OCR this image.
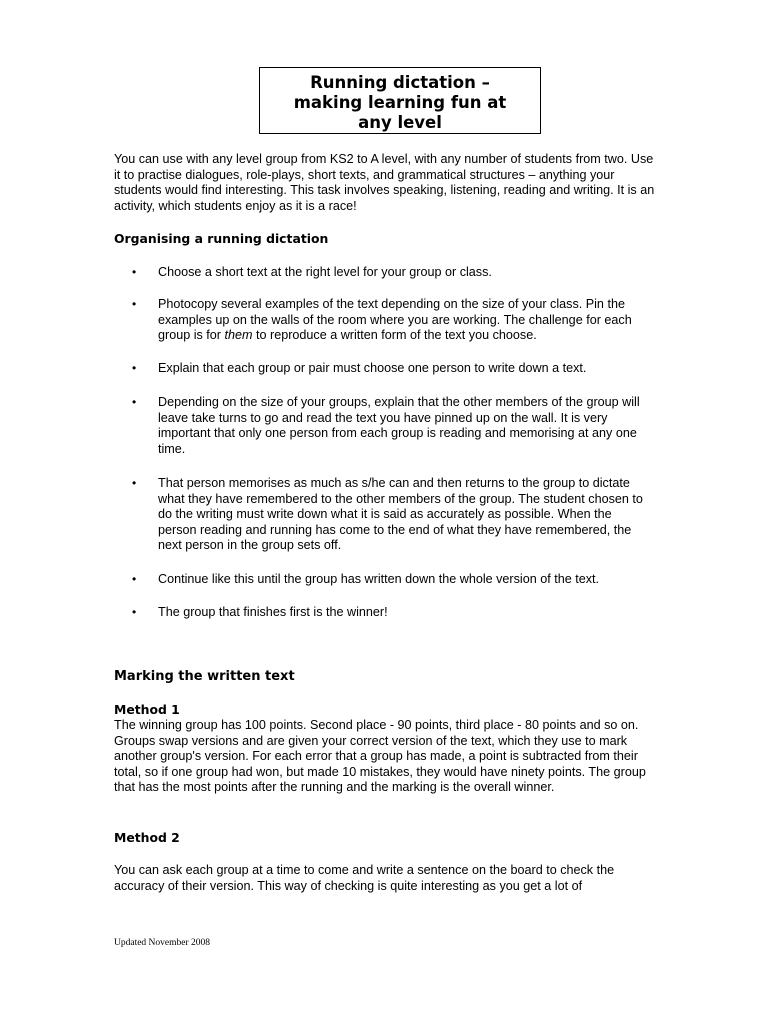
Running dictation –
making learning fun at
any level

You can use with any level group from KS2 to A level, with any number of students from two. Use it to practise dialogues, role-plays, short texts, and grammatical structures – anything your students would find interesting. This task involves speaking, listening, reading and writing. It is an activity, which students enjoy as it is a race!

Organising a running dictation

• Choose a short text at the right level for your group or class.
• Photocopy several examples of the text depending on the size of your class. Pin the examples up on the walls of the room where you are working. The challenge for each group is for them to reproduce a written form of the text you choose.
• Explain that each group or pair must choose one person to write down a text.
• Depending on the size of your groups, explain that the other members of the group will leave take turns to go and read the text you have pinned up on the wall. It is very important that only one person from each group is reading and memorising at any one time.
• That person memorises as much as s/he can and then returns to the group to dictate what they have remembered to the other members of the group. The student chosen to do the writing must write down what it is said as accurately as possible. When the person reading and running has come to the end of what they have remembered, the next person in the group sets off.
• Continue like this until the group has written down the whole version of the text.
• The group that finishes first is the winner!

Marking the written text

Method 1

The winning group has 100 points. Second place - 90 points, third place - 80 points and so on. Groups swap versions and are given your correct version of the text, which they use to mark another group's version. For each error that a group has made, a point is subtracted from their total, so if one group had won, but made 10 mistakes, they would have ninety points. The group that has the most points after the running and the marking is the overall winner.

Method 2

You can ask each group at a time to come and write a sentence on the board to check the accuracy of their version. This way of checking is quite interesting as you get a lot of

Updated November 2008
